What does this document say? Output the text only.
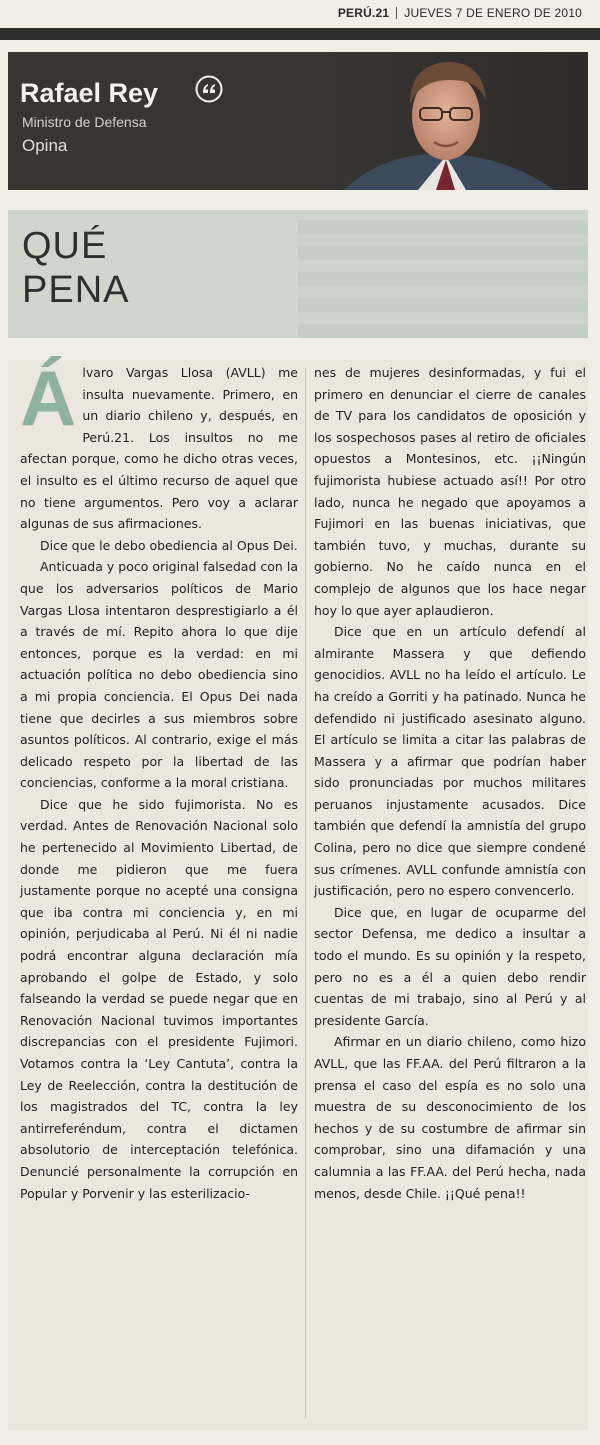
PERÚ.21 JUEVES 7 DE ENERO DE 2010
Rafael Rey
Ministro de Defensa
Opina
QUÉ
PENA

Álvaro Vargas Llosa (AVLL) me insulta nuevamente. Primero, en un diario chileno y, después, en Perú.21. Los insultos no me afectan porque, como he dicho otras veces, el insulto es el último recurso de aquel que no tiene argumentos. Pero voy a aclarar algunas de sus afirmaciones.

Dice que le debo obediencia al Opus Dei.

Anticuada y poco original falsedad con la que los adversarios políticos de Mario Vargas Llosa intentaron desprestigiarlo a él a través de mí. Repito ahora lo que dije entonces, porque es la verdad: en mi actuación política no debo obediencia sino a mi propia conciencia. El Opus Dei nada tiene que decirles a sus miembros sobre asuntos políticos. Al contrario, exige el más delicado respeto por la libertad de las conciencias, conforme a la moral cristiana.

Dice que he sido fujimorista. No es verdad. Antes de Renovación Nacional solo he pertenecido al Movimiento Libertad, de donde me pidieron que me fuera justamente porque no acepté una consigna que iba contra mi conciencia y, en mi opinión, perjudicaba al Perú. Ni él ni nadie podrá encontrar alguna declaración mía aprobando el golpe de Estado, y solo falseando la verdad se puede negar que en Renovación Nacional tuvimos importantes discrepancias con el presidente Fujimori. Votamos contra la ‘Ley Cantuta’, contra la Ley de Reelección, contra la destitución de los magistrados del TC, contra la ley antirreferéndum, contra el dictamen absolutorio de interceptación telefónica. Denuncié personalmente la corrupción en Popular y Porvenir y las esterilizacio-

nes de mujeres desinformadas, y fui el primero en denunciar el cierre de canales de TV para los candidatos de oposición y los sospechosos pases al retiro de oficiales opuestos a Montesinos, etc. ¡¡Ningún fujimorista hubiese actuado así!! Por otro lado, nunca he negado que apoyamos a Fujimori en las buenas iniciativas, que también tuvo, y muchas, durante su gobierno. No he caído nunca en el complejo de algunos que los hace negar hoy lo que ayer aplaudieron.

Dice que en un artículo defendí al almirante Massera y que defiendo genocidios. AVLL no ha leído el artículo. Le ha creído a Gorriti y ha patinado. Nunca he defendido ni justificado asesinato alguno. El artículo se limita a citar las palabras de Massera y a afirmar que podrían haber sido pronunciadas por muchos militares peruanos injustamente acusados. Dice también que defendí la amnistía del grupo Colina, pero no dice que siempre condené sus crímenes. AVLL confunde amnistía con justificación, pero no espero convencerlo.

Dice que, en lugar de ocuparme del sector Defensa, me dedico a insultar a todo el mundo. Es su opinión y la respeto, pero no es a él a quien debo rendir cuentas de mi trabajo, sino al Perú y al presidente García.

Afirmar en un diario chileno, como hizo AVLL, que las FF.AA. del Perú filtraron a la prensa el caso del espía es no solo una muestra de su desconocimiento de los hechos y de su costumbre de afirmar sin comprobar, sino una difamación y una calumnia a las FF.AA. del Perú hecha, nada menos, desde Chile. ¡¡Qué pena!!
